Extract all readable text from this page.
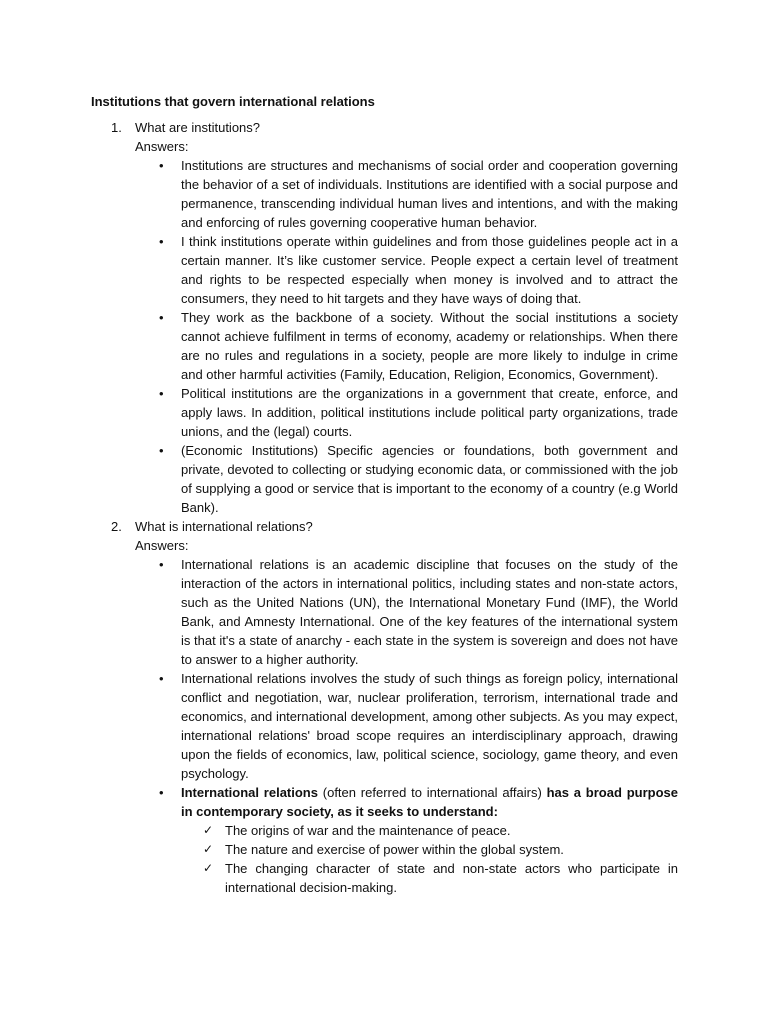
Institutions that govern international relations
1. What are institutions?
Answers:
• Institutions are structures and mechanisms of social order and cooperation governing the behavior of a set of individuals. Institutions are identified with a social purpose and permanence, transcending individual human lives and intentions, and with the making and enforcing of rules governing cooperative human behavior.
• I think institutions operate within guidelines and from those guidelines people act in a certain manner. It’s like customer service. People expect a certain level of treatment and rights to be respected especially when money is involved and to attract the consumers, they need to hit targets and they have ways of doing that.
• They work as the backbone of a society. Without the social institutions a society cannot achieve fulfilment in terms of economy, academy or relationships. When there are no rules and regulations in a society, people are more likely to indulge in crime and other harmful activities (Family, Education, Religion, Economics, Government).
• Political institutions are the organizations in a government that create, enforce, and apply laws. In addition, political institutions include political party organizations, trade unions, and the (legal) courts.
• (Economic Institutions) Specific agencies or foundations, both government and private, devoted to collecting or studying economic data, or commissioned with the job of supplying a good or service that is important to the economy of a country (e.g World Bank).
2. What is international relations?
Answers:
• International relations is an academic discipline that focuses on the study of the interaction of the actors in international politics, including states and non-state actors, such as the United Nations (UN), the International Monetary Fund (IMF), the World Bank, and Amnesty International. One of the key features of the international system is that it's a state of anarchy - each state in the system is sovereign and does not have to answer to a higher authority.
• International relations involves the study of such things as foreign policy, international conflict and negotiation, war, nuclear proliferation, terrorism, international trade and economics, and international development, among other subjects. As you may expect, international relations' broad scope requires an interdisciplinary approach, drawing upon the fields of economics, law, political science, sociology, game theory, and even psychology.
• International relations (often referred to international affairs) has a broad purpose in contemporary society, as it seeks to understand:
✓ The origins of war and the maintenance of peace.
✓ The nature and exercise of power within the global system.
✓ The changing character of state and non-state actors who participate in international decision-making.
